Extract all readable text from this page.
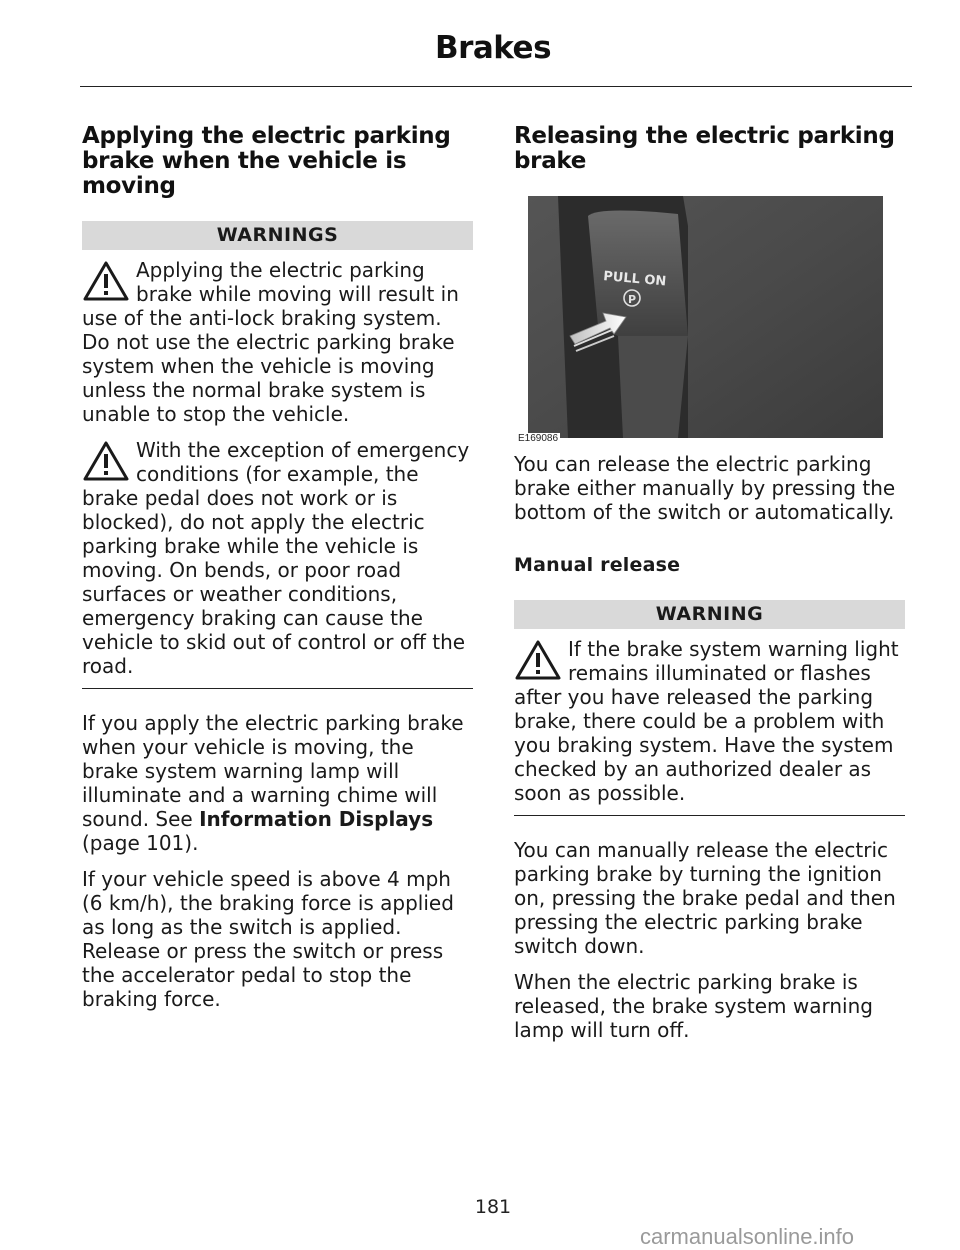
Brakes
Applying the electric parking brake when the vehicle is moving
WARNINGS
Applying the electric parking
brake while moving will result in

use of the anti-lock braking system. Do not use the electric parking brake system when the vehicle is moving unless the normal brake system is unable to stop the vehicle.

With the exception of emergency
conditions (for example, the

brake pedal does not work or is blocked), do not apply the electric parking brake while the vehicle is moving. On bends, or poor road surfaces or weather conditions, emergency braking can cause the vehicle to skid out of control or off the road.

If you apply the electric parking brake when your vehicle is moving, the brake system warning lamp will illuminate and a warning chime will sound. See Information Displays (page 101).

If your vehicle speed is above 4 mph (6 km/h), the braking force is applied as long as the switch is applied. Release or press the switch or press the accelerator pedal to stop the braking force.

Releasing the electric parking brake
PULL ON
P

You can release the electric parking brake either manually by pressing the bottom of the switch or automatically.

Manual release
WARNING
If the brake system warning light
remains illuminated or flashes

after you have released the parking brake, there could be a problem with you braking system. Have the system checked by an authorized dealer as soon as possible.

You can manually release the electric parking brake by turning the ignition on, pressing the brake pedal and then pressing the electric parking brake switch down.

When the electric parking brake is released, the brake system warning lamp will turn off.

E169086
181
carmanualsonline.info
